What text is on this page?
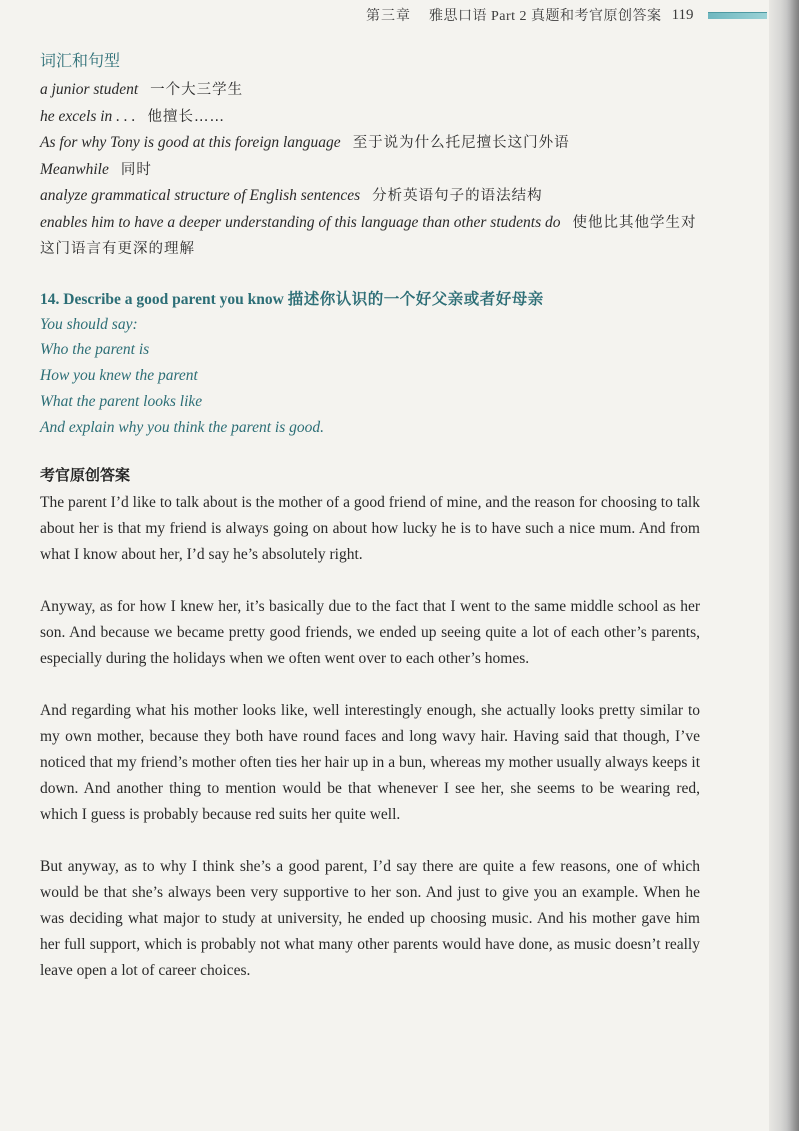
第三章 雅思口语 Part 2 真题和考官原创答案 119
词汇和句型
a junior student 一个大三学生
he excels in . . . 他擅长……
As for why Tony is good at this foreign language 至于说为什么托尼擅长这门外语
Meanwhile 同时
analyze grammatical structure of English sentences 分析英语句子的语法结构
enables him to have a deeper understanding of this language than other students do 使他比其他学生对这门语言有更深的理解
14. Describe a good parent you know 描述你认识的一个好父亲或者好母亲
You should say:
Who the parent is
How you knew the parent
What the parent looks like
And explain why you think the parent is good.
考官原创答案

The parent I’d like to talk about is the mother of a good friend of mine, and the reason for choosing to talk about her is that my friend is always going on about how lucky he is to have such a nice mum. And from what I know about her, I’d say he’s absolutely right.

Anyway, as for how I knew her, it’s basically due to the fact that I went to the same middle school as her son. And because we became pretty good friends, we ended up seeing quite a lot of each other’s parents, especially during the holidays when we often went over to each other’s homes.

And regarding what his mother looks like, well interestingly enough, she actually looks pretty similar to my own mother, because they both have round faces and long wavy hair. Having said that though, I’ve noticed that my friend’s mother often ties her hair up in a bun, whereas my mother usually always keeps it down. And another thing to mention would be that whenever I see her, she seems to be wearing red, which I guess is probably because red suits her quite well.

But anyway, as to why I think she’s a good parent, I’d say there are quite a few reasons, one of which would be that she’s always been very supportive to her son. And just to give you an example. When he was deciding what major to study at university, he ended up choosing music. And his mother gave him her full support, which is probably not what many other parents would have done, as music doesn’t really leave open a lot of career choices.
